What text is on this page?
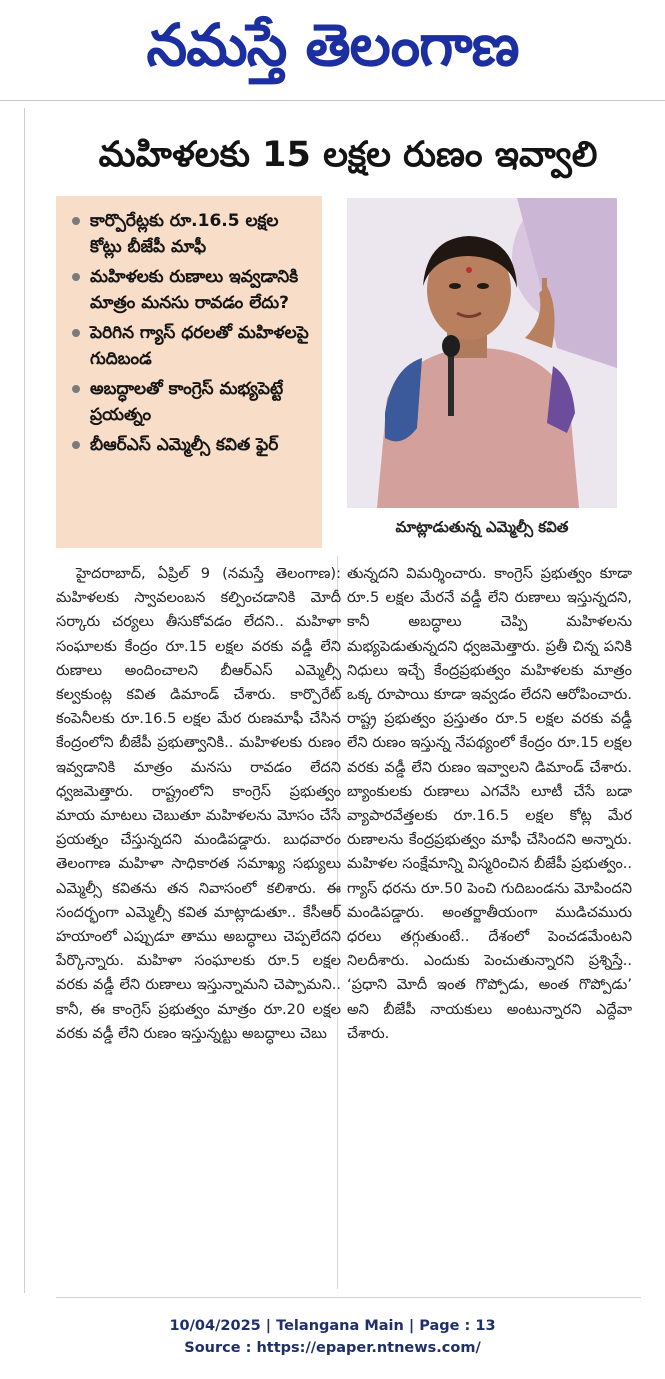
నమస్తే తెలంగాణ
మహిళలకు 15 లక్షల రుణం ఇవ్వాలి
కార్పొరేట్లకు రూ.16.5 లక్షల కోట్లు బీజేపీ మాఫీ
మహిళలకు రుణాలు ఇవ్వడానికి మాత్రం మనసు రావడం లేదు?
పెరిగిన గ్యాస్‌ ధరలతో మహిళలపై గుదిబండ
అబద్ధాలతో కాంగ్రెస్‌ మభ్యపెట్టే ప్రయత్నం
బీఆర్‌ఎస్‌ ఎమ్మెల్సీ కవిత ఫైర్‌
మాట్లాడుతున్న ఎమ్మెల్సీ కవిత
హైదరాబాద్‌, ఏప్రిల్‌ 9 (నమస్తే తెలంగాణ): మహిళలకు స్వావలంబన కల్పించడానికి మోదీ సర్కారు చర్యలు తీసుకోవడం లేదని.. మహిళా సంఘాలకు కేంద్రం రూ.15 లక్షల వరకు వడ్డీ లేని రుణాలు అందించాలని బీఆర్‌ఎస్‌ ఎమ్మెల్సీ కల్వకుంట్ల కవిత డిమాండ్‌ చేశారు. కార్పొరేట్‌ కంపెనీలకు రూ.16.5 లక్షల మేర రుణమాఫీ చేసిన కేంద్రంలోని బీజేపీ ప్రభుత్వానికి.. మహిళలకు రుణం ఇవ్వడానికి మాత్రం మనసు రావడం లేదని ధ్వజమెత్తారు. రాష్ట్రంలోని కాంగ్రెస్‌ ప్రభుత్వం మాయ మాటలు చెబుతూ మహిళలను మోసం చేసే ప్రయత్నం చేస్తున్నదని మండిపడ్డారు. బుధవారం తెలంగాణ మహిళా సాధికారత సమాఖ్య సభ్యులు ఎమ్మెల్సీ కవితను తన నివాసంలో కలిశారు. ఈ సందర్భంగా ఎమ్మెల్సీ కవిత మాట్లాడుతూ.. కేసీఆర్‌ హయాంలో ఎప్పుడూ తాము అబద్ధాలు చెప్పలేదని పేర్కొన్నారు. మహిళా సంఘాలకు రూ.5 లక్షల వరకు వడ్డీ లేని రుణాలు ఇస్తున్నామని చెప్పామని.. కానీ, ఈ కాంగ్రెస్‌ ప్రభుత్వం మాత్రం రూ.20 లక్షల వరకు వడ్డీ లేని రుణం ఇస్తున్నట్టు అబద్ధాలు చెబు
తున్నదని విమర్శించారు. కాంగ్రెస్‌ ప్రభుత్వం కూడా రూ.5 లక్షల మేరనే వడ్డీ లేని రుణాలు ఇస్తున్నదని, కానీ అబద్ధాలు చెప్పి మహిళలను మభ్యపెడుతున్నదని ధ్వజమెత్తారు. ప్రతీ చిన్న పనికి నిధులు ఇచ్చే కేంద్రప్రభుత్వం మహిళలకు మాత్రం ఒక్క రూపాయి కూడా ఇవ్వడం లేదని ఆరోపించారు. రాష్ట్ర ప్రభుత్వం ప్రస్తుతం రూ.5 లక్షల వరకు వడ్డీ లేని రుణం ఇస్తున్న నేపథ్యంలో కేంద్రం రూ.15 లక్షల వరకు వడ్డీ లేని రుణం ఇవ్వాలని డిమాండ్‌ చేశారు. బ్యాంకులకు రుణాలు ఎగవేసి లూటీ చేసే బడా వ్యాపారవేత్తలకు రూ.16.5 లక్షల కోట్ల మేర రుణాలను కేంద్రప్రభుత్వం మాఫీ చేసిందని అన్నారు. మహిళల సంక్షేమాన్ని విస్మరించిన బీజేపీ ప్రభుత్వం.. గ్యాస్‌ ధరను రూ.50 పెంచి గుదిబండను మోపిందని మండిపడ్డారు. అంతర్జాతీయంగా ముడిచమురు ధరలు తగ్గుతుంటే.. దేశంలో పెంచడమేంటని నిలదీశారు. ఎందుకు పెంచుతున్నారని ప్రశ్నిస్తే.. ‘ప్రధాని మోదీ ఇంత గొప్పోడు, అంత గొప్పోడు’ అని బీజేపీ నాయకులు అంటున్నారని ఎద్దేవా చేశారు.
10/04/2025 | Telangana Main | Page : 13
Source : https://epaper.ntnews.com/
